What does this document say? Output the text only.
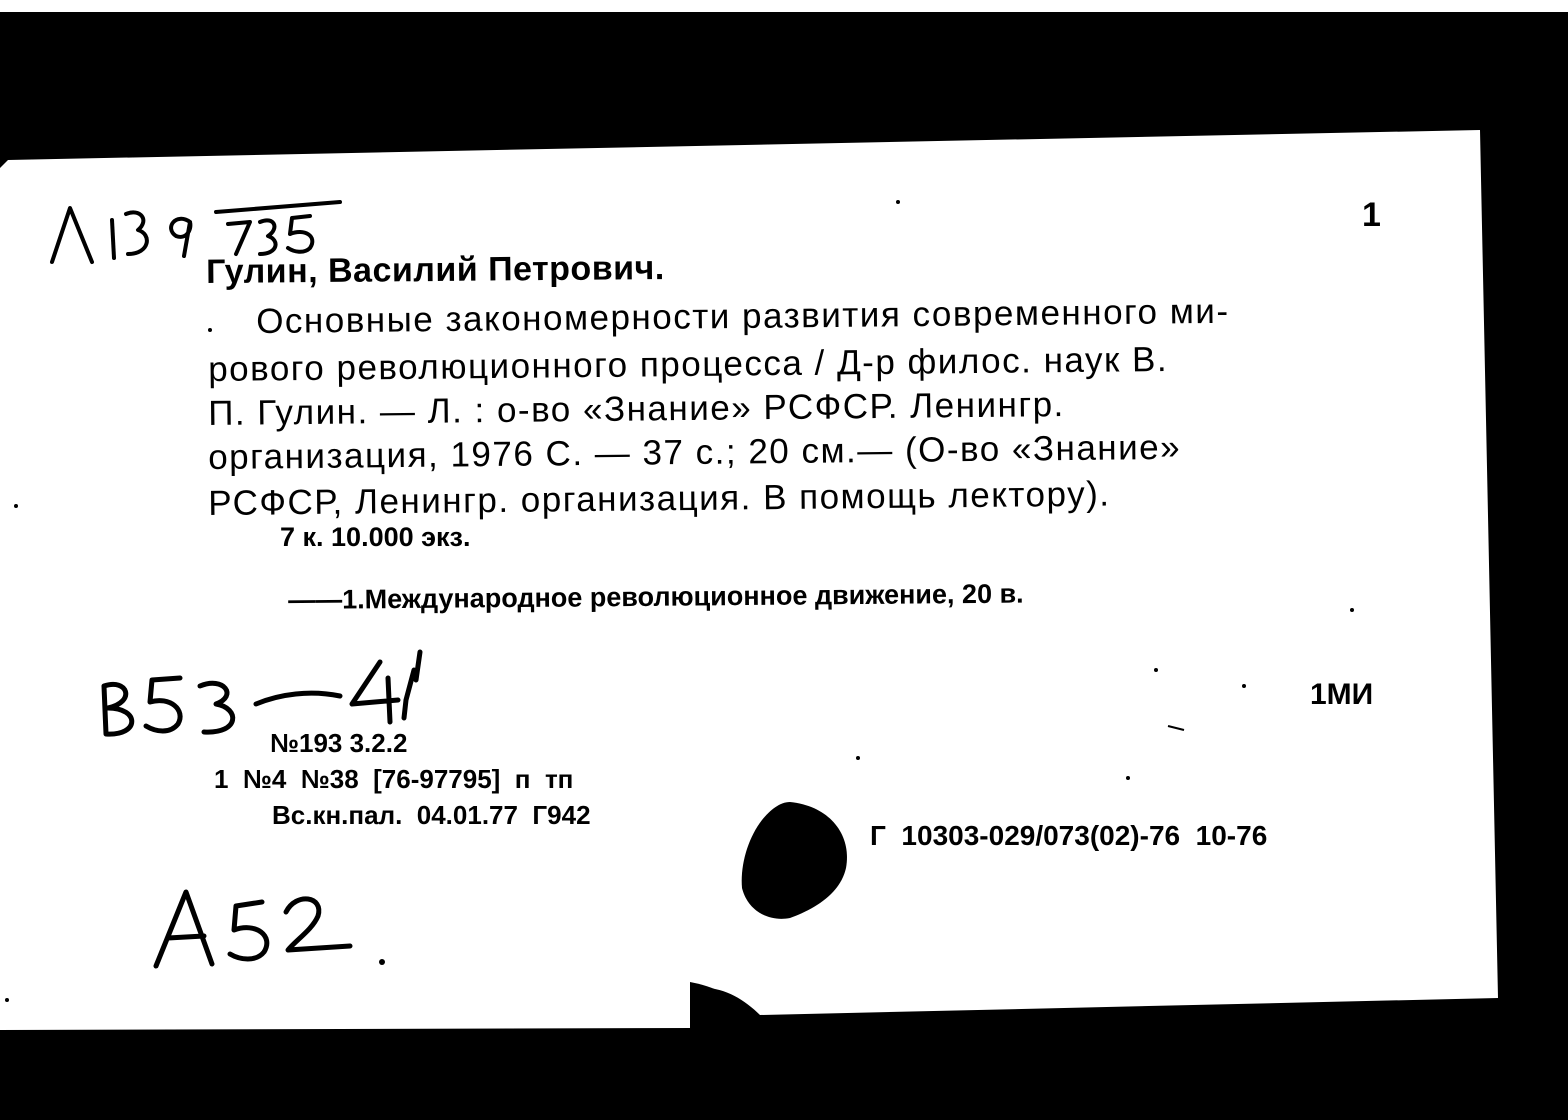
1
Гулин, Василий Петрович.
Основные закономерности развития современного ми-
рового революционного процесса / Д-р филос. наук В.
П. Гулин. — Л. : о-во «Знание» РСФСР. Ленингр.
организация, 1976 С. — 37 с.; 20 см.— (О-во «Знание»
РСФСР, Ленингр. организация. В помощь лектору).
7 к. 10.000 экз.
——1.Международное революционное движение, 20 в.
1МИ
№193 3.2.2
1  №4  №38  [76-97795]  п  тп
Вс.кн.пал.  04.01.77  Г942
Г  10303-029/073(02)-76  10-76
